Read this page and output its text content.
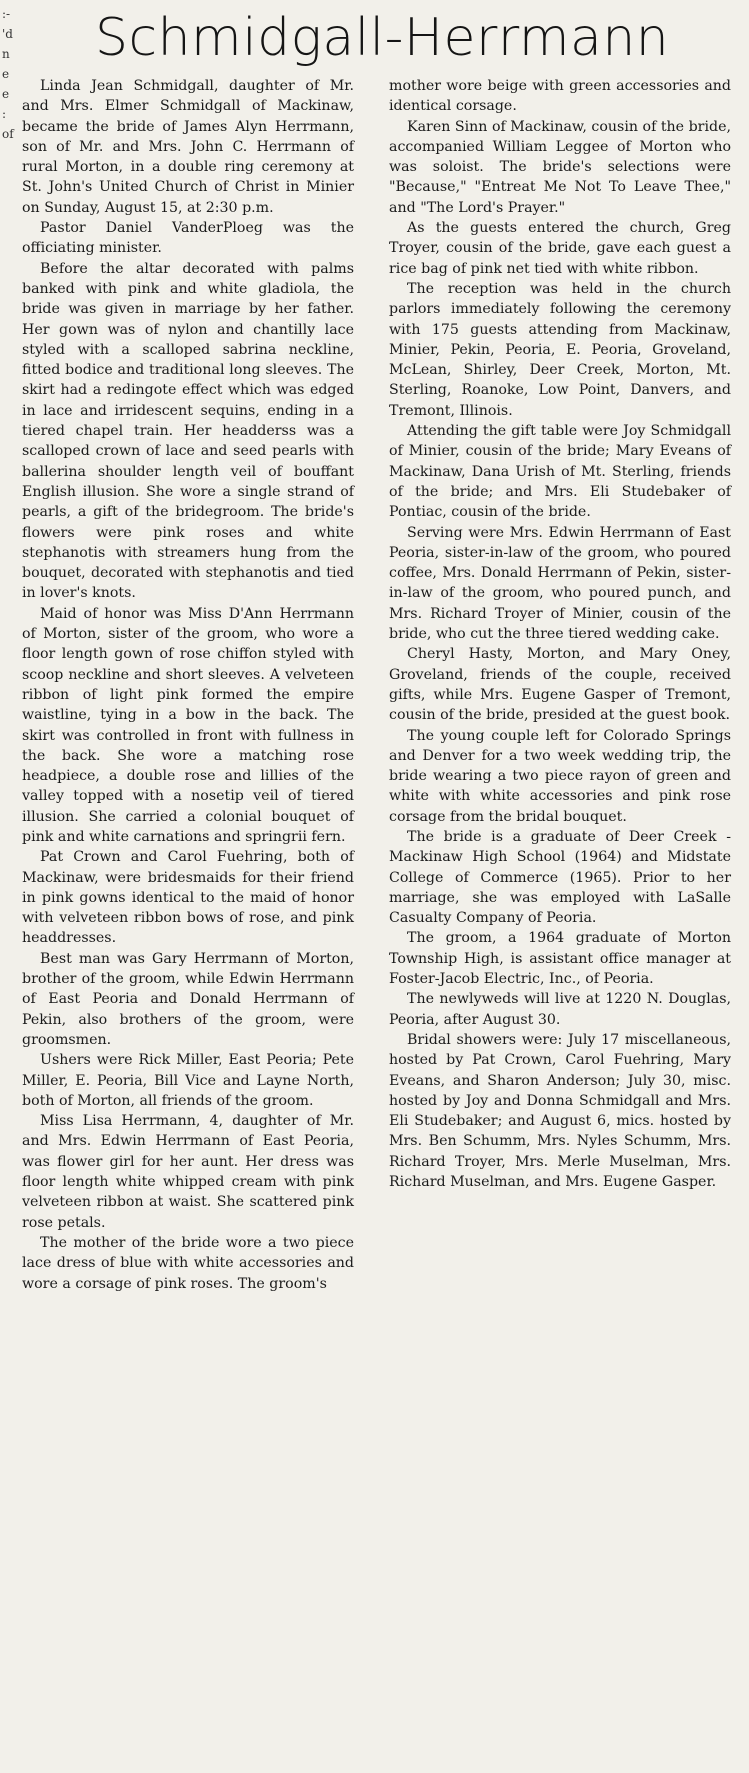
:-
'd
n
e
e
: of
Schmidgall-Herrmann

Linda Jean Schmidgall, daughter of Mr. and Mrs. Elmer Schmidgall of Mackinaw, became the bride of James Alyn Herrmann, son of Mr. and Mrs. John C. Herrmann of rural Morton, in a double ring ceremony at St. John's United Church of Christ in Minier on Sunday, August 15, at 2:30 p.m.

Pastor Daniel VanderPloeg was the officiating minister.

Before the altar decorated with palms banked with pink and white gladiola, the bride was given in marriage by her father. Her gown was of nylon and chantilly lace styled with a scalloped sabrina neckline, fitted bodice and traditional long sleeves. The skirt had a redingote effect which was edged in lace and irridescent sequins, ending in a tiered chapel train. Her headderss was a scalloped crown of lace and seed pearls with ballerina shoulder length veil of bouffant English illusion. She wore a single strand of pearls, a gift of the bridegroom. The bride's flowers were pink roses and white stephanotis with streamers hung from the bouquet, decorated with stephanotis and tied in lover's knots.

Maid of honor was Miss D'Ann Herrmann of Morton, sister of the groom, who wore a floor length gown of rose chiffon styled with scoop neckline and short sleeves. A velveteen ribbon of light pink formed the empire waistline, tying in a bow in the back. The skirt was controlled in front with fullness in the back. She wore a matching rose headpiece, a double rose and lillies of the valley topped with a nosetip veil of tiered illusion. She carried a colonial bouquet of pink and white carnations and springrii fern.

Pat Crown and Carol Fuehring, both of Mackinaw, were bridesmaids for their friend in pink gowns identical to the maid of honor with velveteen ribbon bows of rose, and pink headdresses.

Best man was Gary Herrmann of Morton, brother of the groom, while Edwin Herrmann of East Peoria and Donald Herrmann of Pekin, also brothers of the groom, were groomsmen.

Ushers were Rick Miller, East Peoria; Pete Miller, E. Peoria, Bill Vice and Layne North, both of Morton, all friends of the groom.

Miss Lisa Herrmann, 4, daughter of Mr. and Mrs. Edwin Herrmann of East Peoria, was flower girl for her aunt. Her dress was floor length white whipped cream with pink velveteen ribbon at waist. She scattered pink rose petals.

The mother of the bride wore a two piece lace dress of blue with white accessories and wore a corsage of pink roses. The groom's

mother wore beige with green accessories and identical corsage.

Karen Sinn of Mackinaw, cousin of the bride, accompanied William Leggee of Morton who was soloist. The bride's selections were "Because," "Entreat Me Not To Leave Thee," and "The Lord's Prayer."

As the guests entered the church, Greg Troyer, cousin of the bride, gave each guest a rice bag of pink net tied with white ribbon.

The reception was held in the church parlors immediately following the ceremony with 175 guests attending from Mackinaw, Minier, Pekin, Peoria, E. Peoria, Groveland, McLean, Shirley, Deer Creek, Morton, Mt. Sterling, Roanoke, Low Point, Danvers, and Tremont, Illinois.

Attending the gift table were Joy Schmidgall of Minier, cousin of the bride; Mary Eveans of Mackinaw, Dana Urish of Mt. Sterling, friends of the bride; and Mrs. Eli Studebaker of Pontiac, cousin of the bride.

Serving were Mrs. Edwin Herrmann of East Peoria, sister-in-law of the groom, who poured coffee, Mrs. Donald Herrmann of Pekin, sister-in-law of the groom, who poured punch, and Mrs. Richard Troyer of Minier, cousin of the bride, who cut the three tiered wedding cake.

Cheryl Hasty, Morton, and Mary Oney, Groveland, friends of the couple, received gifts, while Mrs. Eugene Gasper of Tremont, cousin of the bride, presided at the guest book.

The young couple left for Colorado Springs and Denver for a two week wedding trip, the bride wearing a two piece rayon of green and white with white accessories and pink rose corsage from the bridal bouquet.

The bride is a graduate of Deer Creek - Mackinaw High School (1964) and Midstate College of Commerce (1965). Prior to her marriage, she was employed with LaSalle Casualty Company of Peoria.

The groom, a 1964 graduate of Morton Township High, is assistant office manager at Foster-Jacob Electric, Inc., of Peoria.

The newlyweds will live at 1220 N. Douglas, Peoria, after August 30.

Bridal showers were: July 17 miscellaneous, hosted by Pat Crown, Carol Fuehring, Mary Eveans, and Sharon Anderson; July 30, misc. hosted by Joy and Donna Schmidgall and Mrs. Eli Studebaker; and August 6, mics. hosted by Mrs. Ben Schumm, Mrs. Nyles Schumm, Mrs. Richard Troyer, Mrs. Merle Muselman, Mrs. Richard Muselman, and Mrs. Eugene Gasper.
